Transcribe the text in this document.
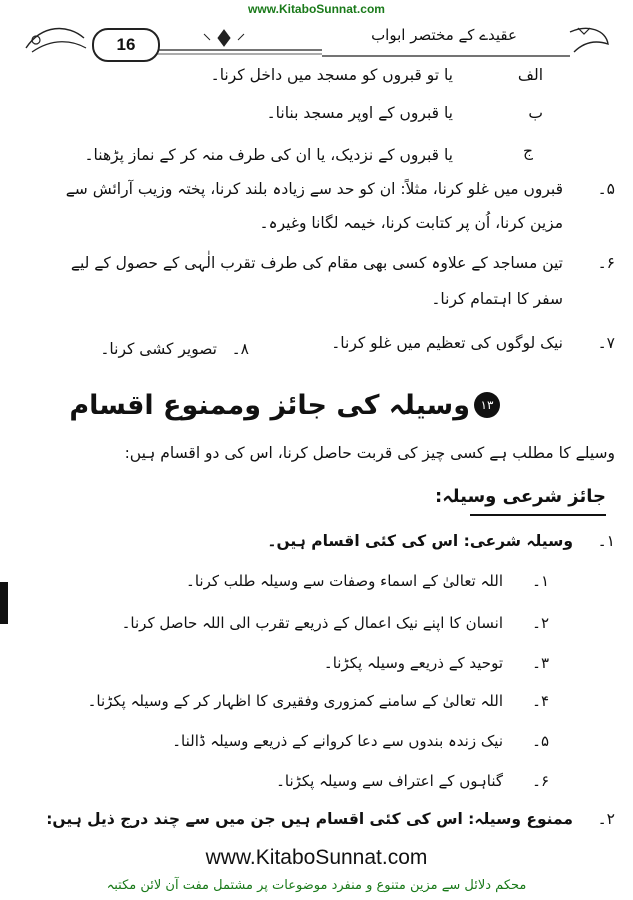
www.KitaboSunnat.com
16	عقیدے کے مختصر ابواب
الف
یا تو قبروں کو مسجد میں داخل کرنا۔
ب
یا قبروں کے اوپر مسجد بنانا۔
ج
یا قبروں کے نزدیک، یا ان کی طرف منہ کر کے نماز پڑھنا۔
۵۔
قبروں میں غلو کرنا، مثلاً: ان کو حد سے زیادہ بلند کرنا، پختہ وزیب آرائش سے
مزین کرنا، اُن پر کتابت کرنا، خیمہ لگانا وغیرہ۔
۶۔
تین مساجد کے علاوہ کسی بھی مقام کی طرف تقرب الٰہی کے حصول کے لیے
سفر کا اہتمام کرنا۔
۷۔
نیک لوگوں کی تعظیم میں غلو کرنا۔
۸۔
تصویر کشی کرنا۔
۱۳
وسیلہ کی جائز وممنوع اقسام
وسیلے کا مطلب ہے کسی چیز کی قربت حاصل کرنا، اس کی دو اقسام ہیں:
جائز شرعی وسیلہ:
۱۔
وسیلہ شرعی: اس کی کئی اقسام ہیں۔
۱۔
اللہ تعالیٰ کے اسماء وصفات سے وسیلہ طلب کرنا۔
۲۔
انسان کا اپنے نیک اعمال کے ذریعے تقرب الی اللہ حاصل کرنا۔
۳۔
توحید کے ذریعے وسیلہ پکڑنا۔
۴۔
اللہ تعالیٰ کے سامنے کمزوری وفقیری کا اظہار کر کے وسیلہ پکڑنا۔
۵۔
نیک زندہ بندوں سے دعا کروانے کے ذریعے وسیلہ ڈالنا۔
۶۔
گناہوں کے اعتراف سے وسیلہ پکڑنا۔
۲۔
ممنوع وسیلہ: اس کی کئی اقسام ہیں جن میں سے چند درج ذیل ہیں:
www.KitaboSunnat.com
محکم دلائل سے مزین متنوع و منفرد موضوعات پر مشتمل مفت آن لائن مکتبہ
